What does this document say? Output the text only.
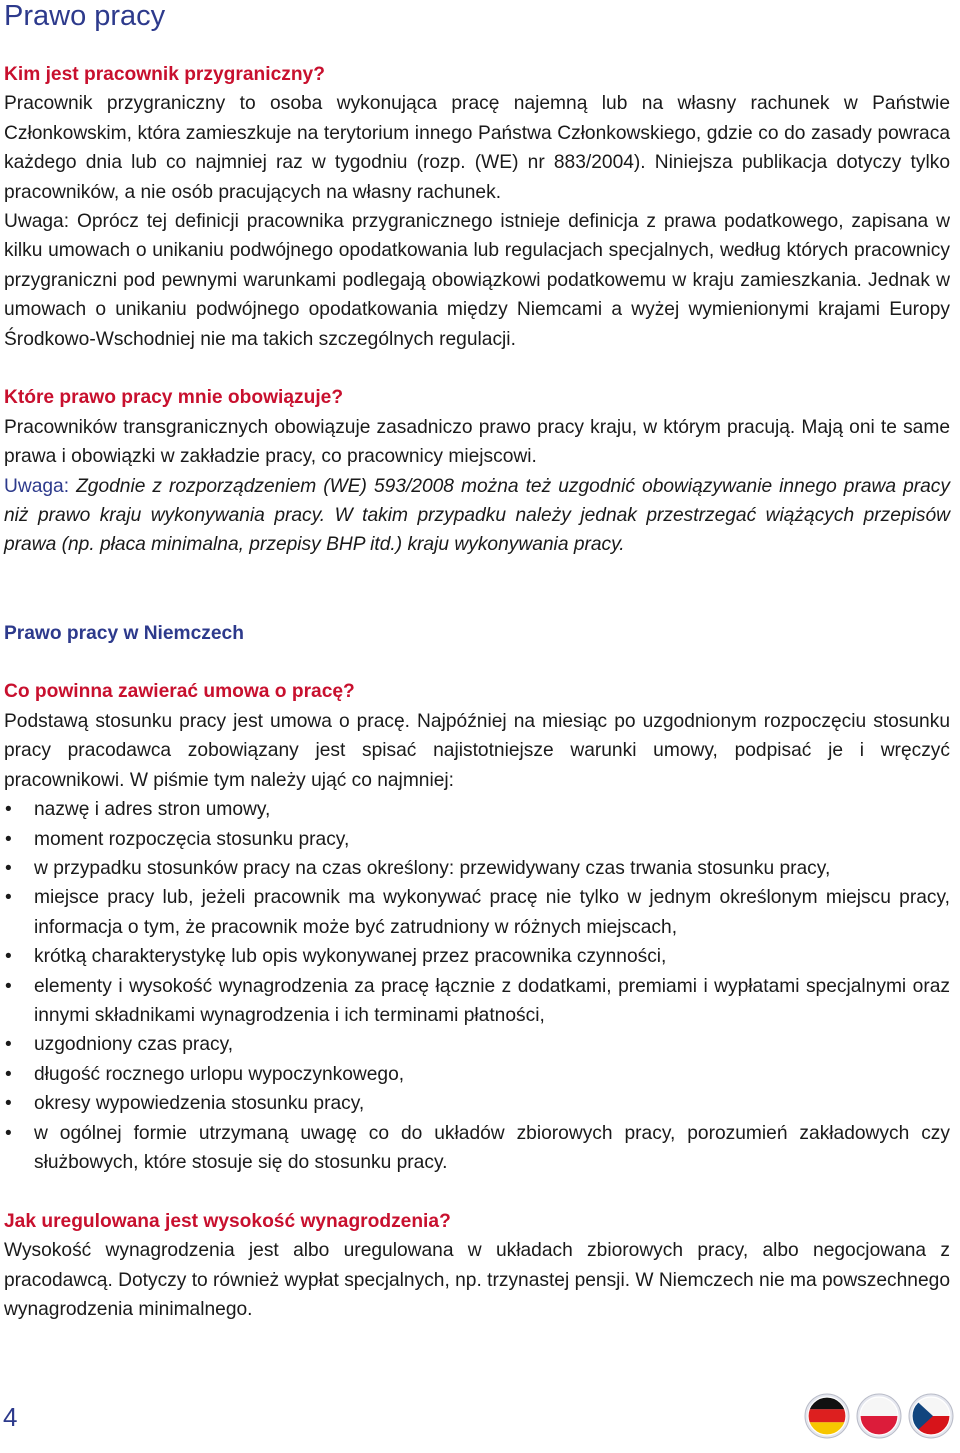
Prawo pracy

Kim jest pracownik przygraniczny?

Pracownik przygraniczny to osoba wykonująca pracę najemną lub na własny rachunek w Państwie Członkowskim, która zamieszkuje na terytorium innego Państwa Członkowskiego, gdzie co do zasady powraca każdego dnia lub co najmniej raz w tygodniu (rozp. (WE) nr 883/2004). Niniejsza publikacja dotyczy tylko pracowników, a nie osób pracujących na własny rachunek.

Uwaga: Oprócz tej definicji pracownika przygranicznego istnieje definicja z prawa podatkowego, zapisana w kilku umowach o unikaniu podwójnego opodatkowania lub regulacjach specjalnych, według których pracownicy przygraniczni pod pewnymi warunkami podlegają obowiązkowi podatkowemu w kraju zamieszkania. Jednak w umowach o unikaniu podwójnego opodatkowania między Niemcami a wyżej wymienionymi krajami Europy Środkowo-Wschodniej nie ma takich szczególnych regulacji.

Które prawo pracy mnie obowiązuje?

Pracowników transgranicznych obowiązuje zasadniczo prawo pracy kraju, w którym pracują. Mają oni te same prawa i obowiązki w zakładzie pracy, co pracownicy miejscowi.

Uwaga: Zgodnie z rozporządzeniem (WE) 593/2008 można też uzgodnić obowiązywanie innego prawa pracy niż prawo kraju wykonywania pracy. W takim przypadku należy jednak przestrzegać wiążących przepisów prawa (np. płaca minimalna, przepisy BHP itd.) kraju wykonywania pracy.

Prawo pracy w Niemczech

Co powinna zawierać umowa o pracę?

Podstawą stosunku pracy jest umowa o pracę. Najpóźniej na miesiąc po uzgodnionym rozpoczęciu stosunku pracy pracodawca zobowiązany jest spisać najistotniejsze warunki umowy, podpisać je i wręczyć pracownikowi. W piśmie tym należy ująć co najmniej:

• nazwę i adres stron umowy,
• moment rozpoczęcia stosunku pracy,
• w przypadku stosunków pracy na czas określony: przewidywany czas trwania stosunku pracy,
• miejsce pracy lub, jeżeli pracownik ma wykonywać pracę nie tylko w jednym określonym miejscu pracy, informacja o tym, że pracownik może być zatrudniony w różnych miejscach,
• krótką charakterystykę lub opis wykonywanej przez pracownika czynności,
• elementy i wysokość wynagrodzenia za pracę łącznie z dodatkami, premiami i wypłatami specjalnymi oraz innymi składnikami wynagrodzenia i ich terminami płatności,
• uzgodniony czas pracy,
• długość rocznego urlopu wypoczynkowego,
• okresy wypowiedzenia stosunku pracy,
• w ogólnej formie utrzymaną uwagę co do układów zbiorowych pracy, porozumień zakładowych czy służbowych, które stosuje się do stosunku pracy.

Jak uregulowana jest wysokość wynagrodzenia?

Wysokość wynagrodzenia jest albo uregulowana w układach zbiorowych pracy, albo negocjowana z pracodawcą. Dotyczy to również wypłat specjalnych, np. trzynastej pensji. W Niemczech nie ma powszechnego wynagrodzenia minimalnego.

4
